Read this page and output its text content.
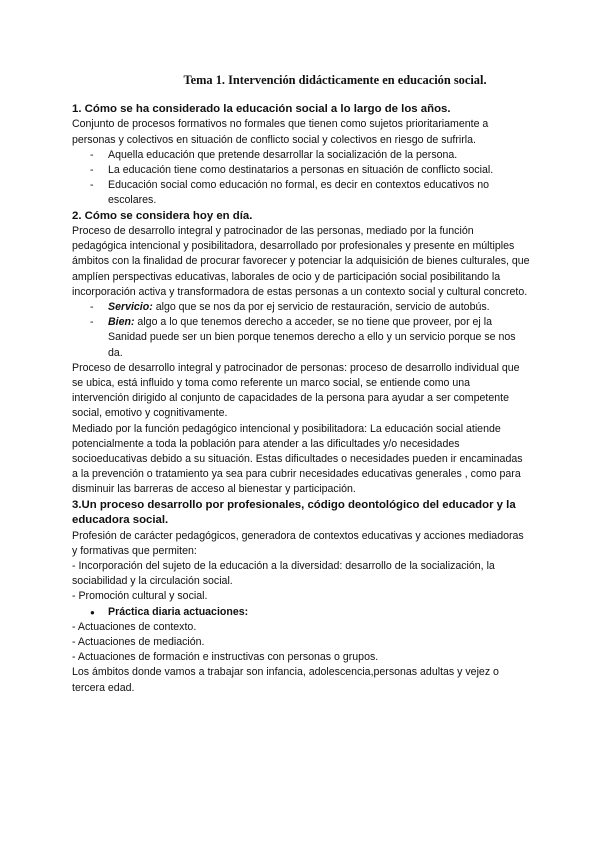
Tema 1. Intervención didácticamente en educación social.
1. Cómo se ha considerado la educación social a lo largo de los años.

Conjunto de procesos formativos no formales que tienen como sujetos prioritariamente a personas y colectivos en situación de conflicto social y colectivos en riesgo de sufrirla.

- Aquella educación que pretende desarrollar la socialización de la persona.
- La educación tiene como destinatarios a personas en situación de conflicto social.
- Educación social como educación no formal, es decir en contextos educativos no escolares.
2. Cómo se considera hoy en día.

Proceso de desarrollo integral y patrocinador de las personas, mediado por la función pedagógica intencional y posibilitadora, desarrollado por profesionales y presente en múltiples ámbitos con la finalidad de procurar favorecer y potenciar la adquisición de bienes culturales, que amplíen perspectivas educativas, laborales de ocio y de participación social posibilitando la incorporación activa y transformadora de estas personas a un contexto social y cultural concreto.

- Servicio: algo que se nos da por ej servicio de restauración, servicio de autobús.
- Bien: algo a lo que tenemos derecho a acceder, se no tiene que proveer, por ej la Sanidad puede ser un bien porque tenemos derecho a ello y un servicio porque se nos da.

Proceso de desarrollo integral y patrocinador de personas: proceso de desarrollo individual que se ubica, está influido y toma como referente un marco social, se entiende como una intervención dirigido al conjunto de capacidades de la persona para ayudar a ser competente social, emotivo y cognitivamente.

Mediado por la función pedagógico intencional y posibilitadora: La educación social atiende potencialmente a toda la población para atender a las dificultades y/o necesidades socioeducativas debido a su situación. Estas dificultades o necesidades pueden ir encaminadas a la prevención o tratamiento ya sea para cubrir necesidades educativas generales , como para disminuir las barreras de acceso al bienestar y participación.

3.Un proceso desarrollo por profesionales, código deontológico del educador y la educadora social.

Profesión de carácter pedagógicos, generadora de contextos educativas y acciones mediadoras y formativas que permiten:

- Incorporación del sujeto de la educación a la diversidad: desarrollo de la socialización, la sociabilidad y la circulación social.

- Promoción cultural y social.

● Práctica diaria actuaciones:

- Actuaciones de contexto.

- Actuaciones de mediación.

- Actuaciones de formación e instructivas con personas o grupos.

Los ámbitos donde vamos a trabajar son infancia, adolescencia,personas adultas y vejez o tercera edad.
